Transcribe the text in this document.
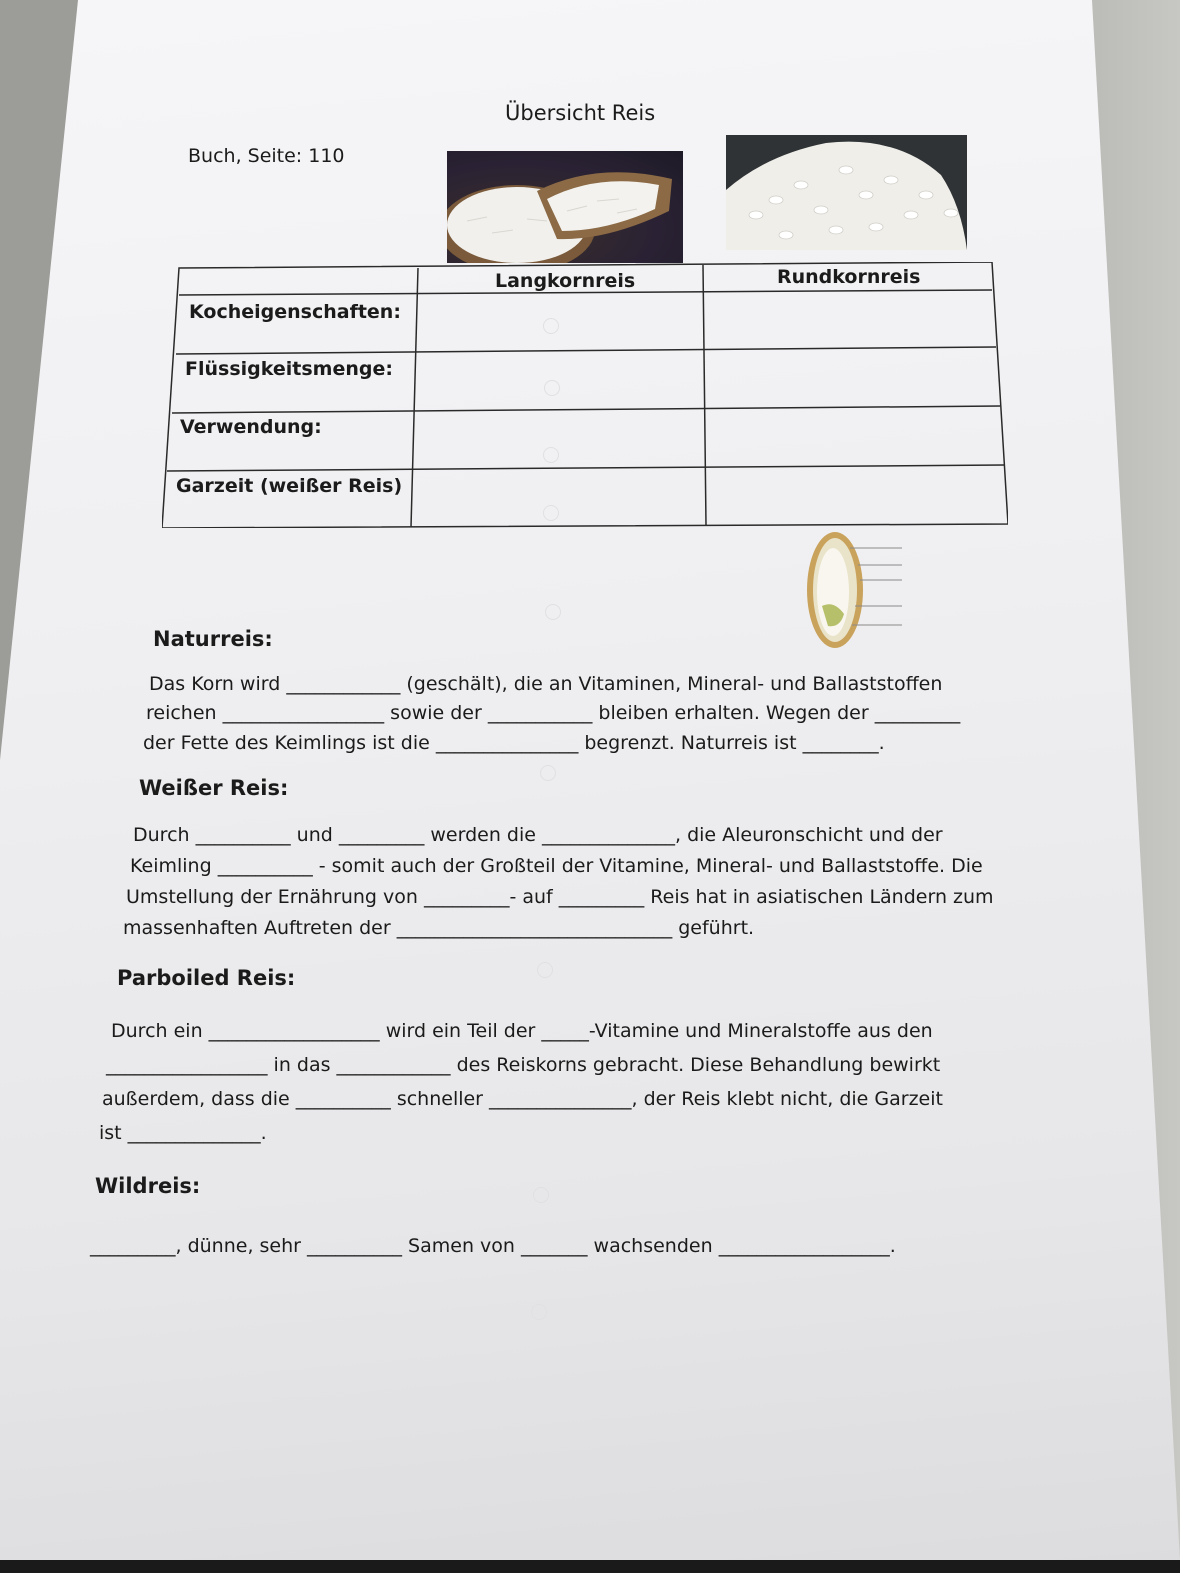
Übersicht Reis
Buch, Seite: 110
Langkornreis	Rundkornreis
Kocheigenschaften:
Flüssigkeitsmenge:
Verwendung:
Garzeit (weißer Reis)
Naturreis:
Das Korn wird ____________ (geschält), die an Vitaminen, Mineral- und Ballaststoffen
reichen _________________ sowie der ___________ bleiben erhalten. Wegen der _________
der Fette des Keimlings ist die _______________ begrenzt. Naturreis ist ________.
Weißer Reis:
Durch __________ und _________ werden die ______________, die Aleuronschicht und der
Keimling __________ - somit auch der Großteil der Vitamine, Mineral- und Ballaststoffe. Die
Umstellung der Ernährung von _________- auf _________ Reis hat in asiatischen Ländern zum
massenhaften Auftreten der _____________________________ geführt.
Parboiled Reis:
Durch ein __________________ wird ein Teil der _____-Vitamine und Mineralstoffe aus den
_________________ in das ____________ des Reiskorns gebracht. Diese Behandlung bewirkt
außerdem, dass die __________ schneller _______________, der Reis klebt nicht, die Garzeit
ist ______________.
Wildreis:
_________, dünne, sehr __________ Samen von _______ wachsenden __________________.
